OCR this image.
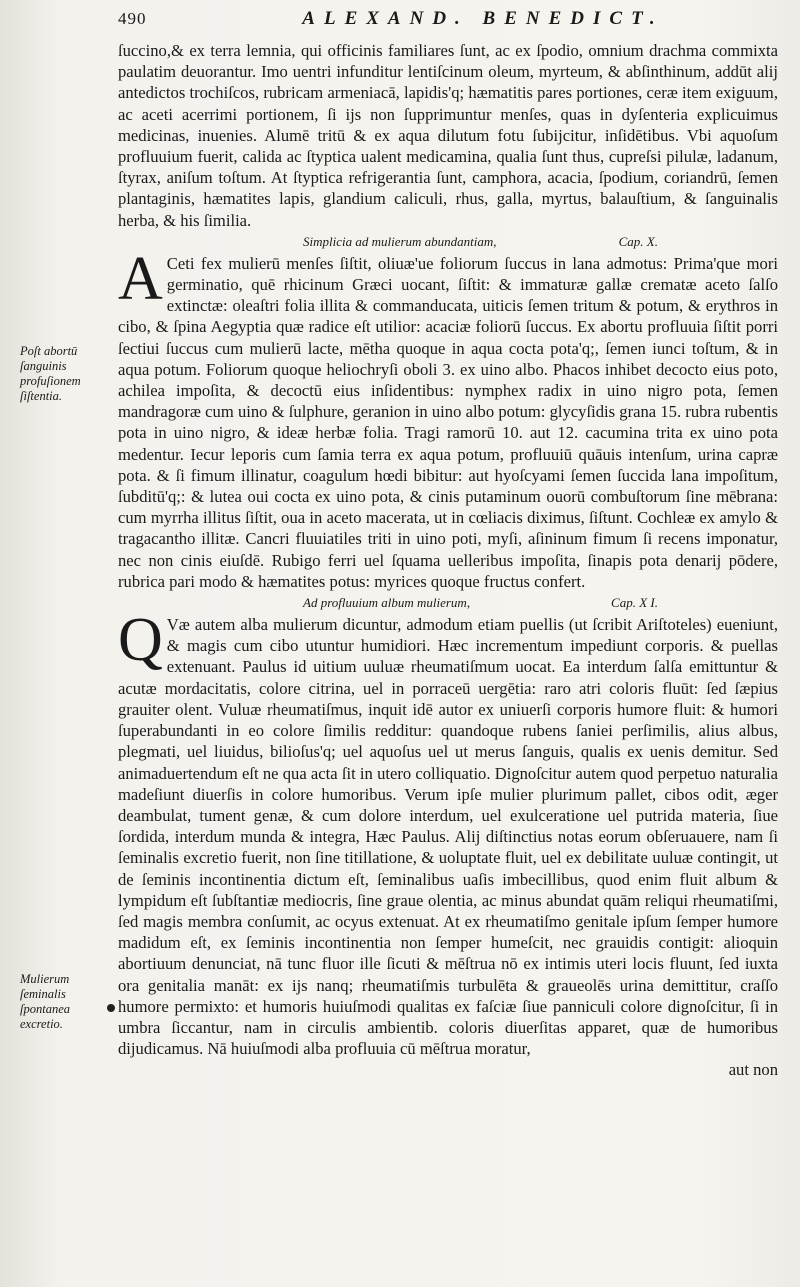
490	ALEXAND. BENEDICT.
Poſt abortū ſanguinis profuſionem ſiſtentia.
Mulierum ſeminalis ſpontanea excretio.

ſuccino,& ex terra lemnia, qui officinis familiares ſunt, ac ex ſpodio, omnium drachma commixta paulatim deuorantur. Imo uentri infunditur lentiſcinum oleum, myrteum, & abſinthinum, addūt alij antedictos trochiſcos, rubricam armeniacā, lapidis'q; hæmatitis pares portiones, ceræ item exiguum, ac aceti acerrimi portionem, ſi ijs non ſupprimuntur menſes, quas in dyſenteria explicuimus medicinas, inuenies. Alumē tritū & ex aqua dilutum fotu ſubijcitur, inſidētibus. Vbi aquoſum profluuium fuerit, calida ac ſtyptica ualent medicamina, qualia ſunt thus, cupreſsi pilulæ, ladanum, ſtyrax, aniſum toſtum. At ſtyptica refrigerantia ſunt, camphora, acacia, ſpodium, coriandrū, ſemen plantaginis, hæmatites lapis, glandium caliculi, rhus, galla, myrtus, balauſtium, & ſanguinalis herba, & his ſimilia.

Simplicia ad mulierum abundantiam,	Cap. X.

A Ceti fex mulierū menſes ſiſtit, oliuæ'ue foliorum ſuccus in lana admotus: Prima'que mori germinatio, quē rhicinum Græci uocant, ſiſtit: & immaturæ gallæ crematæ aceto ſalſo extinctæ: oleaſtri folia illita & commanducata, uiticis ſemen tritum & potum, & erythros in cibo, & ſpina Aegyptia quæ radice eſt utilior: acaciæ foliorū ſuccus. Ex abortu profluuia ſiſtit porri ſectiui ſuccus cum mulierū lacte, mētha quoque in aqua cocta pota'q;, ſemen iunci toſtum, & in aqua potum. Foliorum quoque heliochryſi oboli 3. ex uino albo. Phacos inhibet decocto eius poto, achilea impoſita, & decoctū eius inſidentibus: nymphex radix in uino nigro pota, ſemen mandragoræ cum uino & ſulphure, geranion in uino albo potum: glycyſidis grana 15. rubra rubentis pota in uino nigro, & ideæ herbæ folia. Tragi ramorū 10. aut 12. cacumina trita ex uino pota medentur. Iecur leporis cum ſamia terra ex aqua potum, profluuiū quāuis intenſum, urina capræ pota. & ſi fimum illinatur, coagulum hœdi bibitur: aut hyoſcyami ſemen ſuccida lana impoſitum, ſubditū'q;: & lutea oui cocta ex uino pota, & cinis putaminum ouorū combuſtorum ſine mēbrana: cum myrrha illitus ſiſtit, oua in aceto macerata, ut in cœliacis diximus, ſiſtunt. Cochleæ ex amylo & tragacantho illitæ. Cancri fluuiatiles triti in uino poti, myſi, aſininum fimum ſi recens imponatur, nec non cinis eiuſdē. Rubigo ferri uel ſquama uelleribus impoſita, ſinapis pota denarij pōdere, rubrica pari modo & hæmatites potus: myrices quoque fructus confert.

Ad profluuium album mulierum,	Cap. X I.

Q Væ autem alba mulierum dicuntur, admodum etiam puellis (ut ſcribit Ariſtoteles) eueniunt, & magis cum cibo utuntur humidiori. Hæc incrementum impediunt corporis. & puellas extenuant. Paulus id uitium uuluæ rheumatiſmum uocat. Ea interdum ſalſa emittuntur & acutæ mordacitatis, colore citrina, uel in porraceū uergētia: raro atri coloris fluūt: ſed ſæpius grauiter olent. Vuluæ rheumatiſmus, inquit idē autor ex uniuerſi corporis humore fluit: & humori ſuperabundanti in eo colore ſimilis redditur: quandoque rubens ſaniei perſimilis, alius albus, plegmati, uel liuidus, bilioſus'q; uel aquoſus uel ut merus ſanguis, qualis ex uenis demitur. Sed animaduertendum eſt ne qua acta ſit in utero colliquatio. Dignoſcitur autem quod perpetuo naturalia madeſiunt diuerſis in colore humoribus. Verum ipſe mulier plurimum pallet, cibos odit, æger deambulat, tument genæ, & cum dolore interdum, uel exulceratione uel putrida materia, ſiue ſordida, interdum munda & integra, Hæc Paulus. Alij diſtinctius notas eorum obſeruauere, nam ſi ſeminalis excretio fuerit, non ſine titillatione, & uoluptate fluit, uel ex debilitate uuluæ contingit, ut de ſeminis incontinentia dictum eſt, ſeminalibus uaſis imbecillibus, quod enim fluit album & lympidum eſt ſubſtantiæ mediocris, ſine graue olentia, ac minus abundat quām reliqui rheumatiſmi, ſed magis membra conſumit, ac ocyus extenuat. At ex rheumatiſmo genitale ipſum ſemper humore madidum eſt, ex ſeminis incontinentia non ſemper humeſcit, nec grauidis contigit: alioquin abortiuum denunciat, nā tunc fluor ille ſicuti & mēſtrua nō ex intimis uteri locis fluunt, ſed iuxta ora genitalia manāt: ex ijs nanq; rheumatiſmis turbulēta & graueolēs urina demittitur, craſſo humore permixto: et humoris huiuſmodi qualitas ex faſciæ ſiue panniculi colore dignoſcitur, ſi in umbra ſiccantur, nam in circulis ambientib. coloris diuerſitas apparet, quæ de humoribus dijudicamus. Nā huiuſmodi alba profluuia cū mēſtrua moratur,

aut non
